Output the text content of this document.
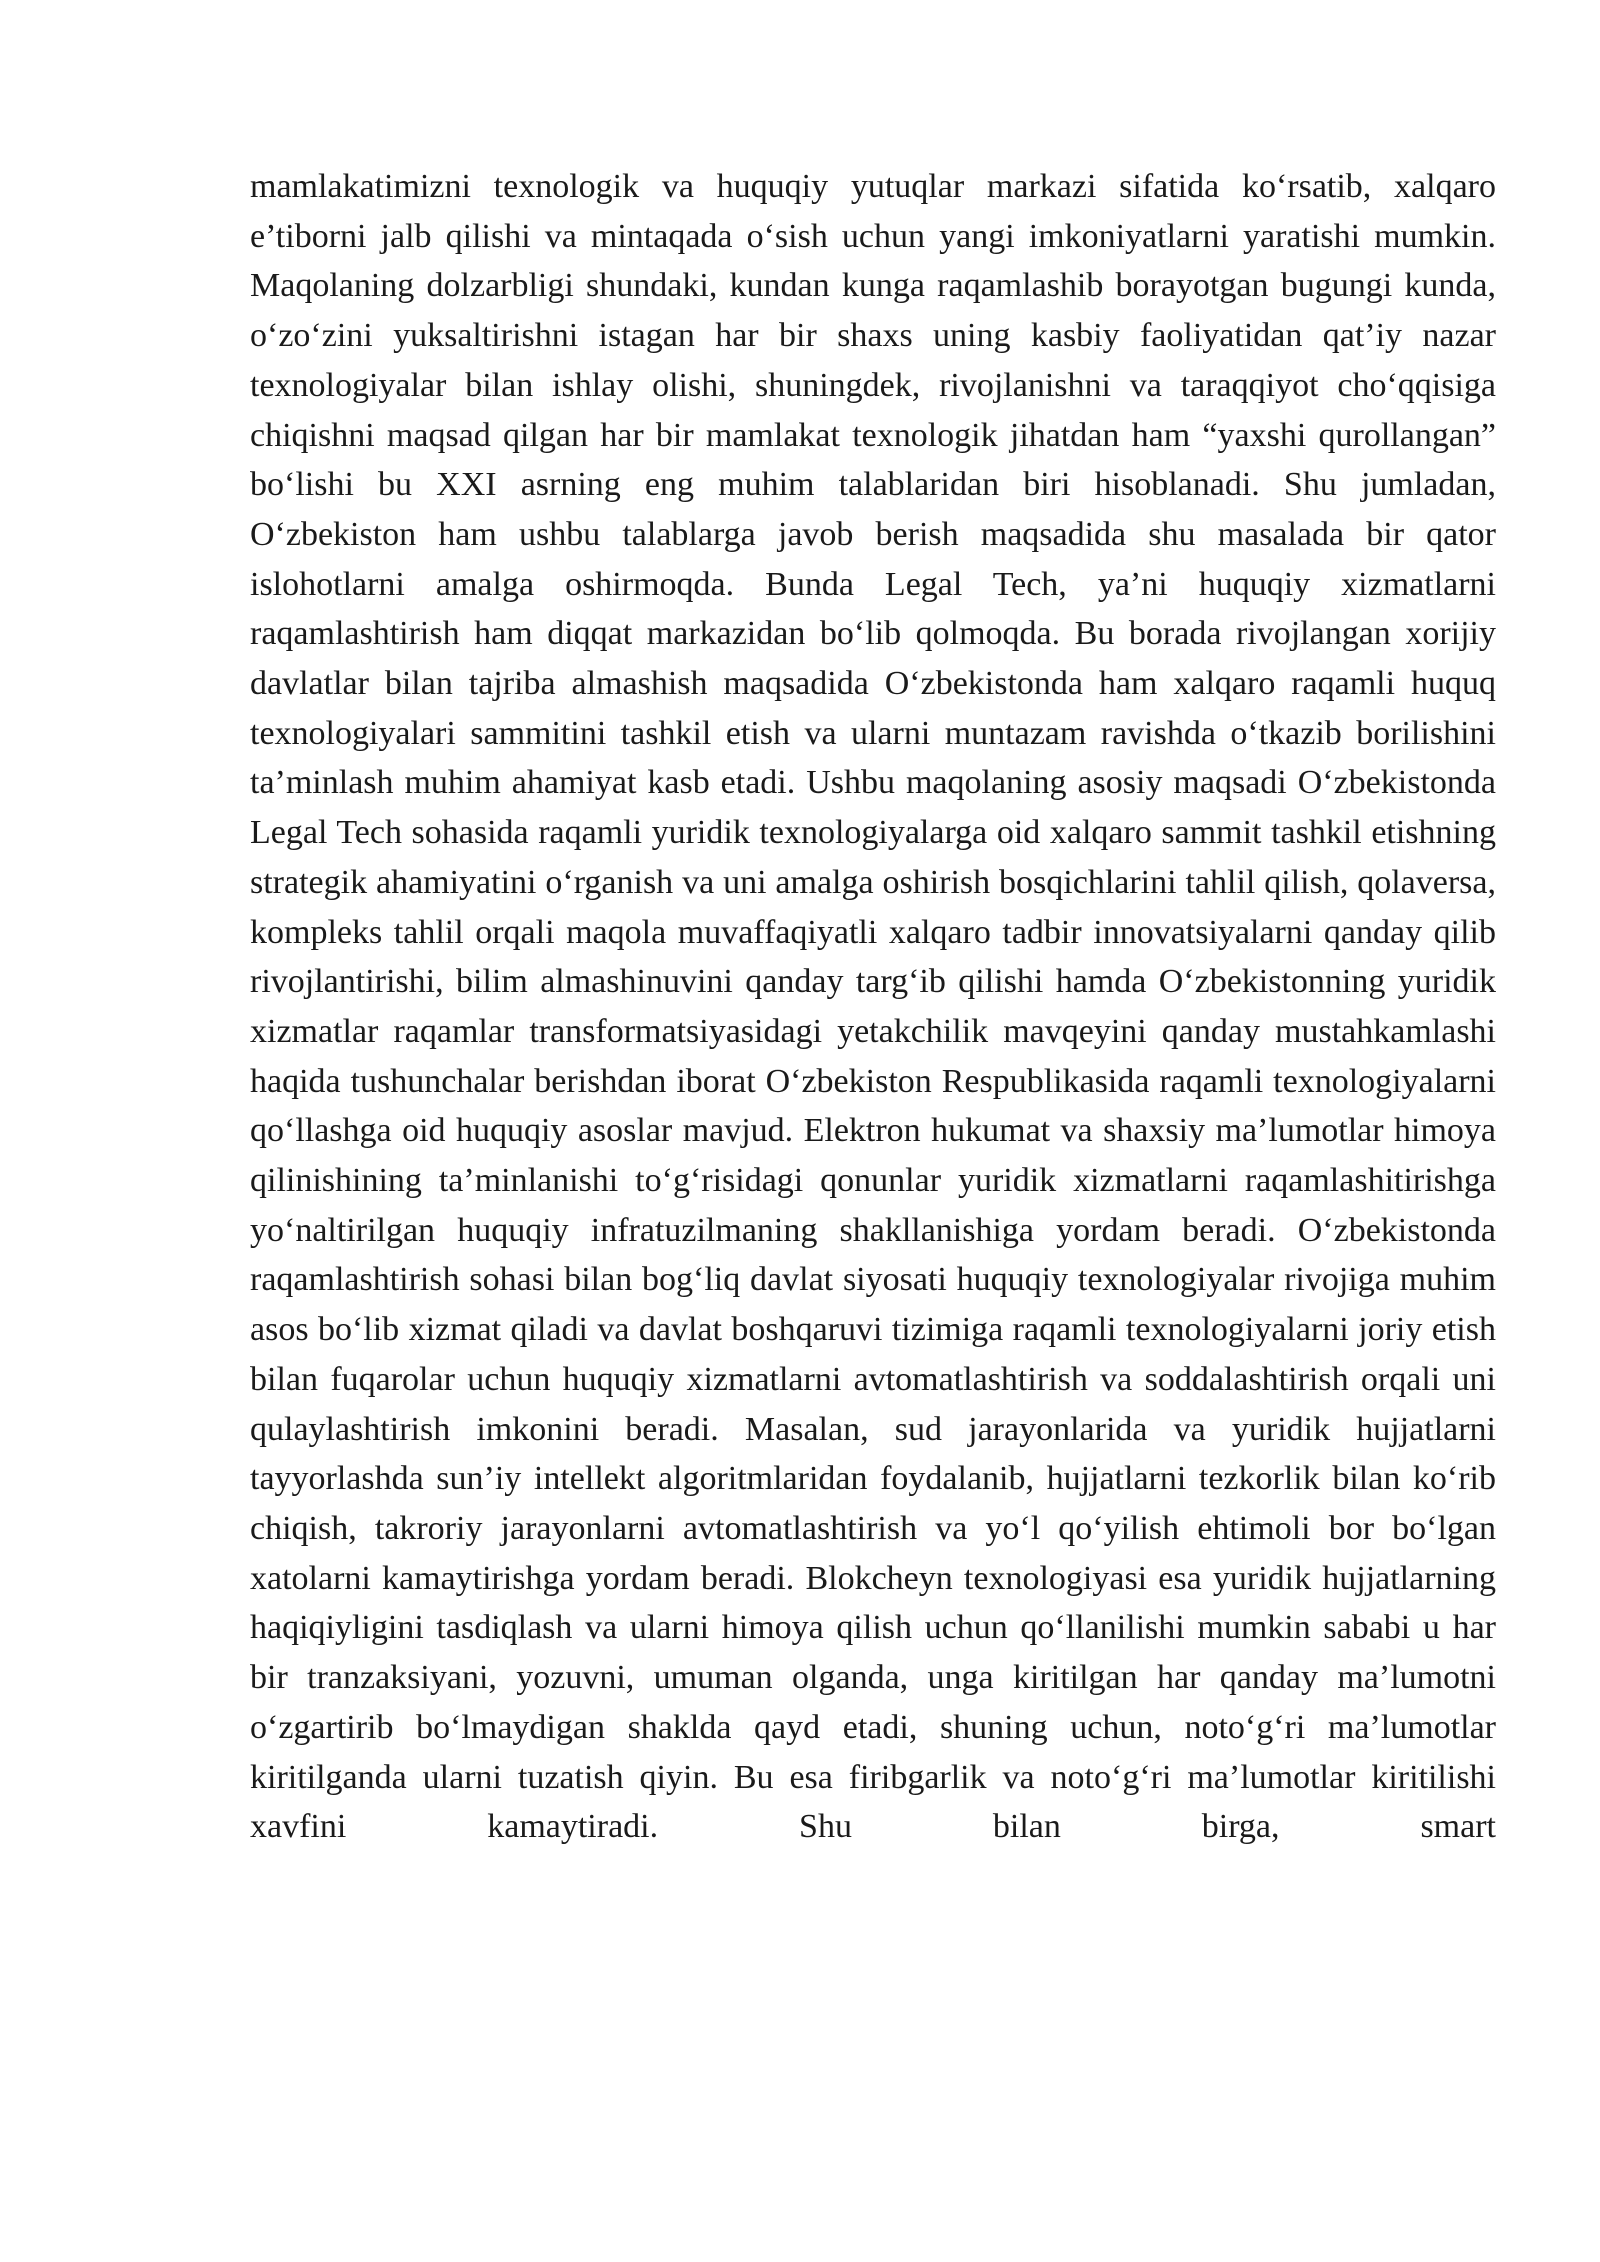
mamlakatimizni texnologik va huquqiy yutuqlar markazi sifatida ko‘rsatib, xalqaro e’tiborni jalb qilishi va mintaqada o‘sish uchun yangi imkoniyatlarni yaratishi mumkin. Maqolaning dolzarbligi shundaki, kundan kunga raqamlashib borayotgan bugungi kunda, o‘zo‘zini yuksaltirishni istagan har bir shaxs uning kasbiy faoliyatidan qat’iy nazar texnologiyalar bilan ishlay olishi, shuningdek, rivojlanishni va taraqqiyot cho‘qqisiga chiqishni maqsad qilgan har bir mamlakat texnologik jihatdan ham “yaxshi qurollangan” bo‘lishi bu XXI asrning eng muhim talablaridan biri hisoblanadi. Shu jumladan, O‘zbekiston ham ushbu talablarga javob berish maqsadida shu masalada bir qator islohotlarni amalga oshirmoqda. Bunda Legal Tech, ya’ni huquqiy xizmatlarni raqamlashtirish ham diqqat markazidan bo‘lib qolmoqda. Bu borada rivojlangan xorijiy davlatlar bilan tajriba almashish maqsadida O‘zbekistonda ham xalqaro raqamli huquq texnologiyalari sammitini tashkil etish va ularni muntazam ravishda o‘tkazib borilishini ta’minlash muhim ahamiyat kasb etadi. Ushbu maqolaning asosiy maqsadi O‘zbekistonda Legal Tech sohasida raqamli yuridik texnologiyalarga oid xalqaro sammit tashkil etishning strategik ahamiyatini o‘rganish va uni amalga oshirish bosqichlarini tahlil qilish, qolaversa, kompleks tahlil orqali maqola muvaffaqiyatli xalqaro tadbir innovatsiyalarni qanday qilib rivojlantirishi, bilim almashinuvini qanday targ‘ib qilishi hamda O‘zbekistonning yuridik xizmatlar raqamlar transformatsiyasidagi yetakchilik mavqeyini qanday mustahkamlashi haqida tushunchalar berishdan iborat O‘zbekiston Respublikasida raqamli texnologiyalarni qo‘llashga oid huquqiy asoslar mavjud. Elektron hukumat va shaxsiy ma’lumotlar himoya qilinishining ta’minlanishi to‘g‘risidagi qonunlar yuridik xizmatlarni raqamlashitirishga yo‘naltirilgan huquqiy infratuzilmaning shakllanishiga yordam beradi. O‘zbekistonda raqamlashtirish sohasi bilan bog‘liq davlat siyosati huquqiy texnologiyalar rivojiga muhim asos bo‘lib xizmat qiladi va davlat boshqaruvi tizimiga raqamli texnologiyalarni joriy etish bilan fuqarolar uchun huquqiy xizmatlarni avtomatlashtirish va soddalashtirish orqali uni qulaylashtirish imkonini beradi. Masalan, sud jarayonlarida va yuridik hujjatlarni tayyorlashda sun’iy intellekt algoritmlaridan foydalanib, hujjatlarni tezkorlik bilan ko‘rib chiqish, takroriy jarayonlarni avtomatlashtirish va yo‘l qo‘yilish ehtimoli bor bo‘lgan xatolarni kamaytirishga yordam beradi. Blokcheyn texnologiyasi esa yuridik hujjatlarning haqiqiyligini tasdiqlash va ularni himoya qilish uchun qo‘llanilishi mumkin sababi u har bir tranzaksiyani, yozuvni, umuman olganda, unga kiritilgan har qanday ma’lumotni o‘zgartirib bo‘lmaydigan shaklda qayd etadi, shuning uchun, noto‘g‘ri ma’lumotlar kiritilganda ularni tuzatish qiyin. Bu esa firibgarlik va noto‘g‘ri ma’lumotlar kiritilishi xavfini kamaytiradi. Shu bilan birga, smart
